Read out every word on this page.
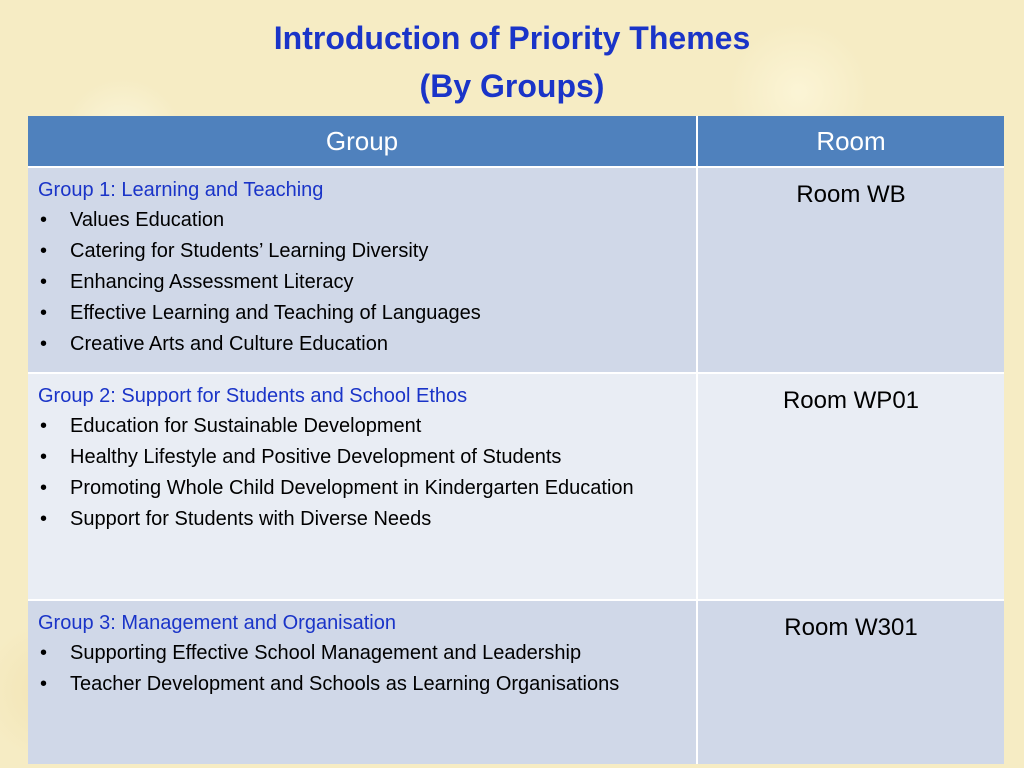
Introduction of Priority Themes
(By Groups)
Group	Room
Group 1: Learning and Teaching
• Values Education
• Catering for Students’ Learning Diversity
• Enhancing Assessment Literacy
• Effective Learning and Teaching of Languages
• Creative Arts and Culture Education
Room WB
Group 2: Support for Students and School Ethos
• Education for Sustainable Development
• Healthy Lifestyle and Positive Development of Students
• Promoting Whole Child Development in Kindergarten Education
• Support for Students with Diverse Needs
Room WP01
Group 3: Management and Organisation
• Supporting Effective School Management and Leadership
• Teacher Development and Schools as Learning Organisations
Room W301
